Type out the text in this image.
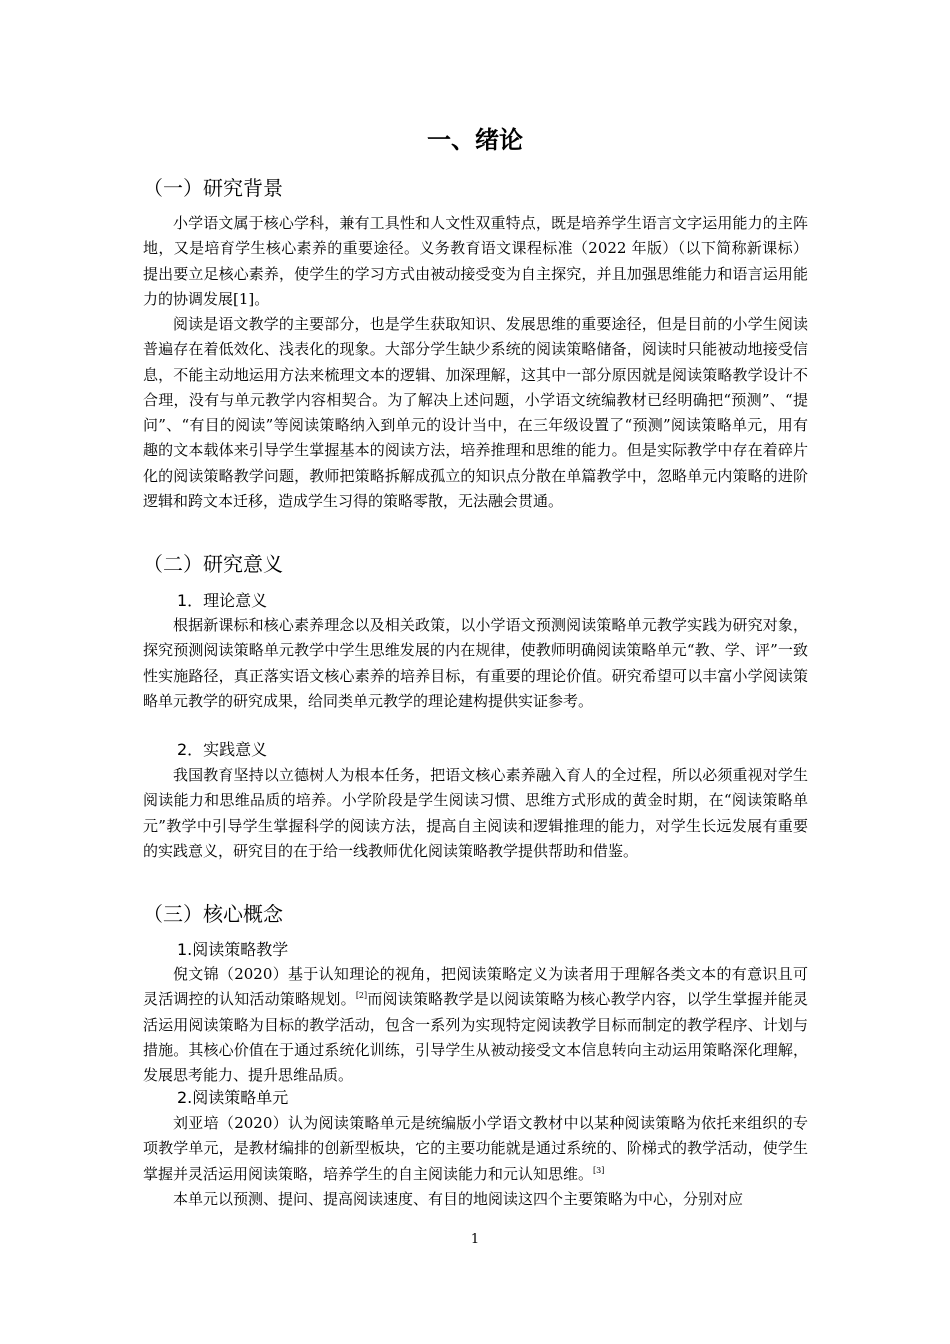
一、绪论
（一）研究背景

小学语文属于核心学科，兼有工具性和人文性双重特点，既是培养学生语言文字运用能力的主阵地，又是培育学生核心素养的重要途径。义务教育语文课程标准（2022 年版）（以下简称新课标）提出要立足核心素养，使学生的学习方式由被动接受变为自主探究，并且加强思维能力和语言运用能力的协调发展[1]。

阅读是语文教学的主要部分，也是学生获取知识、发展思维的重要途径，但是目前的小学生阅读普遍存在着低效化、浅表化的现象。大部分学生缺少系统的阅读策略储备，阅读时只能被动地接受信息，不能主动地运用方法来梳理文本的逻辑、加深理解，这其中一部分原因就是阅读策略教学设计不合理，没有与单元教学内容相契合。为了解决上述问题，小学语文统编教材已经明确把“预测”、“提问”、“有目的阅读”等阅读策略纳入到单元的设计当中，在三年级设置了“预测”阅读策略单元，用有趣的文本载体来引导学生掌握基本的阅读方法，培养推理和思维的能力。但是实际教学中存在着碎片化的阅读策略教学问题，教师把策略拆解成孤立的知识点分散在单篇教学中，忽略单元内策略的进阶逻辑和跨文本迁移，造成学生习得的策略零散，无法融会贯通。

（二）研究意义
1．理论意义

根据新课标和核心素养理念以及相关政策，以小学语文预测阅读策略单元教学实践为研究对象，探究预测阅读策略单元教学中学生思维发展的内在规律，使教师明确阅读策略单元“教、学、评”一致性实施路径，真正落实语文核心素养的培养目标，有重要的理论价值。研究希望可以丰富小学阅读策略单元教学的研究成果，给同类单元教学的理论建构提供实证参考。

2．实践意义

我国教育坚持以立德树人为根本任务，把语文核心素养融入育人的全过程，所以必须重视对学生阅读能力和思维品质的培养。小学阶段是学生阅读习惯、思维方式形成的黄金时期，在“阅读策略单元”教学中引导学生掌握科学的阅读方法，提高自主阅读和逻辑推理的能力，对学生长远发展有重要的实践意义，研究目的在于给一线教师优化阅读策略教学提供帮助和借鉴。

（三）核心概念
1.阅读策略教学

倪文锦（2020）基于认知理论的视角，把阅读策略定义为读者用于理解各类文本的有意识且可灵活调控的认知活动策略规划。[2]而阅读策略教学是以阅读策略为核心教学内容，以学生掌握并能灵活运用阅读策略为目标的教学活动，包含一系列为实现特定阅读教学目标而制定的教学程序、计划与措施。其核心价值在于通过系统化训练，引导学生从被动接受文本信息转向主动运用策略深化理解，发展思考能力、提升思维品质。

2.阅读策略单元

刘亚培（2020）认为阅读策略单元是统编版小学语文教材中以某种阅读策略为依托来组织的专项教学单元，是教材编排的创新型板块，它的主要功能就是通过系统的、阶梯式的教学活动，使学生掌握并灵活运用阅读策略，培养学生的自主阅读能力和元认知思维。[3]

本单元以预测、提问、提高阅读速度、有目的地阅读这四个主要策略为中心，分别对应

1
